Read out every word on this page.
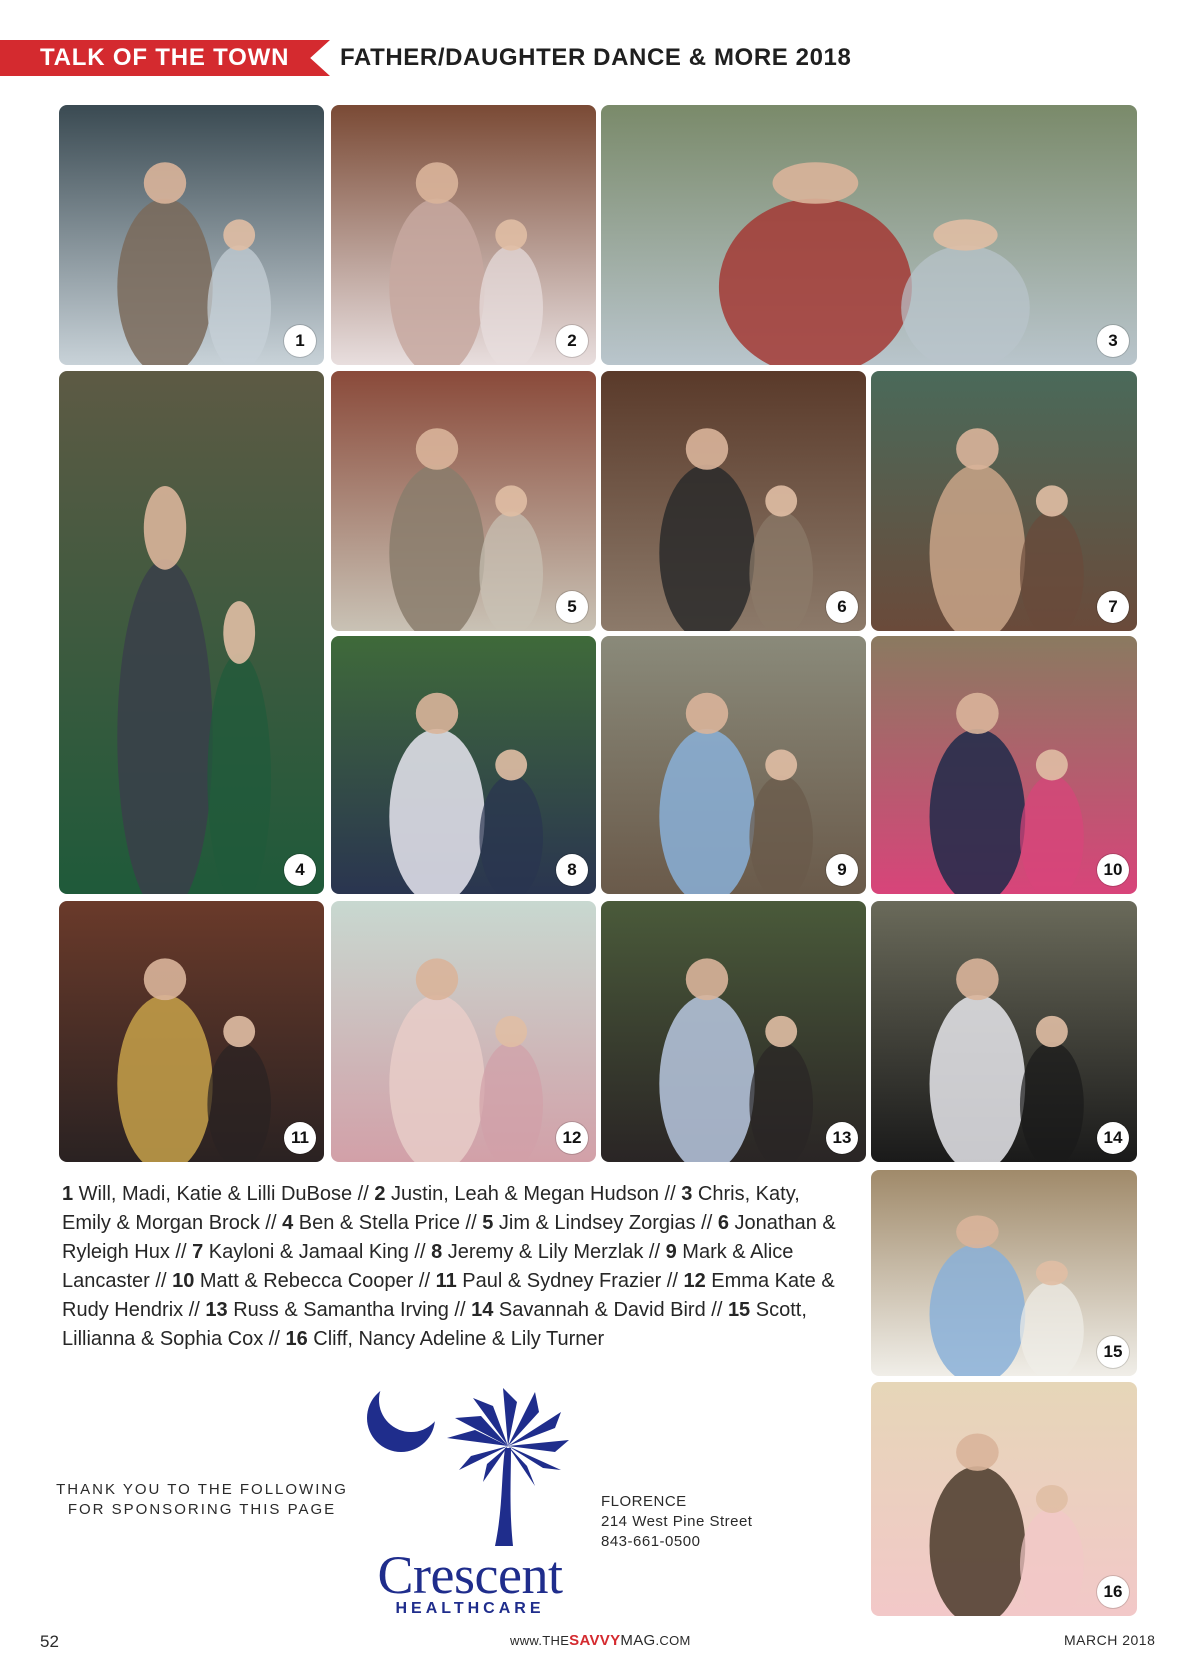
TALK OF THE TOWN FATHER/DAUGHTER DANCE & MORE 2018
1	2	3
4
5	6	7
8	9	10
11	12	13	14
15
16
1 Will, Madi, Katie & Lilli DuBose // 2 Justin, Leah & Megan Hudson // 3 Chris, Katy, Emily & Morgan Brock // 4 Ben & Stella Price // 5 Jim & Lindsey Zorgias // 6 Jonathan & Ryleigh Hux // 7 Kayloni & Jamaal King // 8 Jeremy & Lily Merzlak // 9 Mark & Alice Lancaster // 10 Matt & Rebecca Cooper // 11 Paul & Sydney Frazier // 12 Emma Kate & Rudy Hendrix // 13 Russ & Samantha Irving // 14 Savannah & David Bird // 15 Scott, Lillianna & Sophia Cox // 16 Cliff, Nancy Adeline & Lily Turner
THANK YOU TO THE FOLLOWING
FOR SPONSORING THIS PAGE
Crescent
HEALTHCARE
FLORENCE
214 West Pine Street
843-661-0500
52	www.THESAVVYMAG.COM	MARCH 2018
